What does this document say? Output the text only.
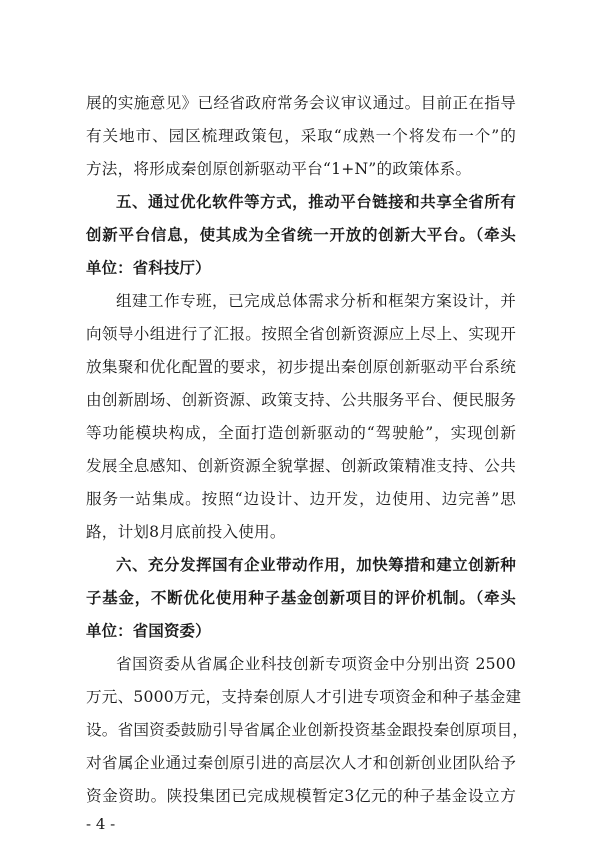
展的实施意见》已经省政府常务会议审议通过。目前正在指导
有关地市、园区梳理政策包，采取“成熟一个将发布一个”的
方法，将形成秦创原创新驱动平台“1+N”的政策体系。
五、通过优化软件等方式，推动平台链接和共享全省所有
创新平台信息，使其成为全省统一开放的创新大平台。（牵头
单位：省科技厅）
组建工作专班，已完成总体需求分析和框架方案设计，并
向领导小组进行了汇报。按照全省创新资源应上尽上、实现开
放集聚和优化配置的要求，初步提出秦创原创新驱动平台系统
由创新剧场、创新资源、政策支持、公共服务平台、便民服务
等功能模块构成，全面打造创新驱动的“驾驶舱”，实现创新
发展全息感知、创新资源全貌掌握、创新政策精准支持、公共
服务一站集成。按照“边设计、边开发，边使用、边完善”思
路，计划8月底前投入使用。
六、充分发挥国有企业带动作用，加快筹措和建立创新种
子基金，不断优化使用种子基金创新项目的评价机制。（牵头
单位：省国资委）
省国资委从省属企业科技创新专项资金中分别出资 2500
万元、5000万元，支持秦创原人才引进专项资金和种子基金建
设。省国资委鼓励引导省属企业创新投资基金跟投秦创原项目，
对省属企业通过秦创原引进的高层次人才和创新创业团队给予
资金资助。陕投集团已完成规模暂定3亿元的种子基金设立方
- 4 -
